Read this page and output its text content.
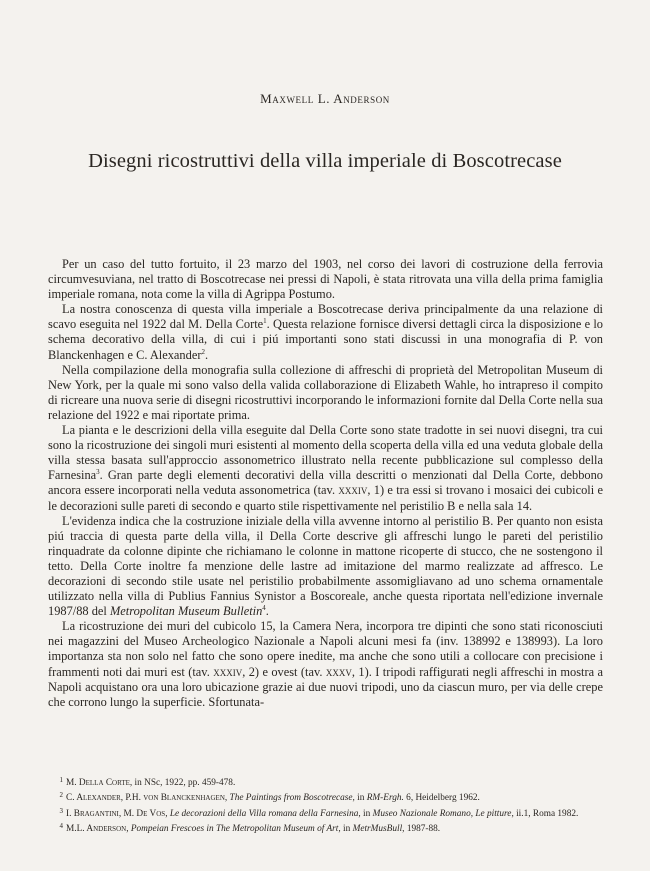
Maxwell L. Anderson
Disegni ricostruttivi della villa imperiale di Boscotrecase

Per un caso del tutto fortuito, il 23 marzo del 1903, nel corso dei lavori di costruzione della ferrovia circumvesuviana, nel tratto di Boscotrecase nei pressi di Napoli, è stata ritrovata una villa della prima famiglia imperiale romana, nota come la villa di Agrippa Postumo.

La nostra conoscenza di questa villa imperiale a Boscotrecase deriva principalmente da una relazione di scavo eseguita nel 1922 dal M. Della Corte$^1$. Questa relazione fornisce diversi dettagli circa la disposizione e lo schema decorativo della villa, di cui i piú importanti sono stati discussi in una monografia di P. von Blanckenhagen e C. Alexander$^2$.

Nella compilazione della monografia sulla collezione di affreschi di proprietà del Metropolitan Museum di New York, per la quale mi sono valso della valida collaborazione di Elizabeth Wahle, ho intrapreso il compito di ricreare una nuova serie di disegni ricostruttivi incorporando le informazioni fornite dal Della Corte nella sua relazione del 1922 e mai riportate prima.

La pianta e le descrizioni della villa eseguite dal Della Corte sono state tradotte in sei nuovi disegni, tra cui sono la ricostruzione dei singoli muri esistenti al momento della scoperta della villa ed una veduta globale della villa stessa basata sull'approccio assonometrico illustrato nella recente pubblicazione sul complesso della Farnesina$^3$. Gran parte degli elementi decorativi della villa descritti o menzionati dal Della Corte, debbono ancora essere incorporati nella veduta assonometrica (tav. xxxiv, 1) e tra essi si trovano i mosaici dei cubicoli e le decorazioni sulle pareti di secondo e quarto stile rispettivamente nel peristilio B e nella sala 14.

L'evidenza indica che la costruzione iniziale della villa avvenne intorno al peristilio B. Per quanto non esista piú traccia di questa parte della villa, il Della Corte descrive gli affreschi lungo le pareti del peristilio rinquadrate da colonne dipinte che richiamano le colonne in mattone ricoperte di stucco, che ne sostengono il tetto. Della Corte inoltre fa menzione delle lastre ad imitazione del marmo realizzate ad affresco. Le decorazioni di secondo stile usate nel peristilio probabilmente assomigliavano ad uno schema ornamentale utilizzato nella villa di Publius Fannius Synistor a Boscoreale, anche questa riportata nell'edizione invernale 1987/88 del Metropolitan Museum Bulletin$^4$.

La ricostruzione dei muri del cubicolo 15, la Camera Nera, incorpora tre dipinti che sono stati riconosciuti nei magazzini del Museo Archeologico Nazionale a Napoli alcuni mesi fa (inv. 138992 e 138993). La loro importanza sta non solo nel fatto che sono opere inedite, ma anche che sono utili a collocare con precisione i frammenti noti dai muri est (tav. xxxiv, 2) e ovest (tav. xxxv, 1). I tripodi raffigurati negli affreschi in mostra a Napoli acquistano ora una loro ubicazione grazie ai due nuovi tripodi, uno da ciascun muro, per via delle crepe che corrono lungo la superficie. Sfortunata-

1 M. Della Corte, in NSc, 1922, pp. 459-478.

2 C. Alexander, P.H. von Blanckenhagen, The Paintings from Boscotrecase, in RM-Ergh. 6, Heidelberg 1962.

3 I. Bragantini, M. De Vos, Le decorazioni della Villa romana della Farnesina, in Museo Nazionale Romano, Le pitture, ii.1, Roma 1982.

4 M.L. Anderson, Pompeian Frescoes in The Metropolitan Museum of Art, in MetrMusBull, 1987-88.
